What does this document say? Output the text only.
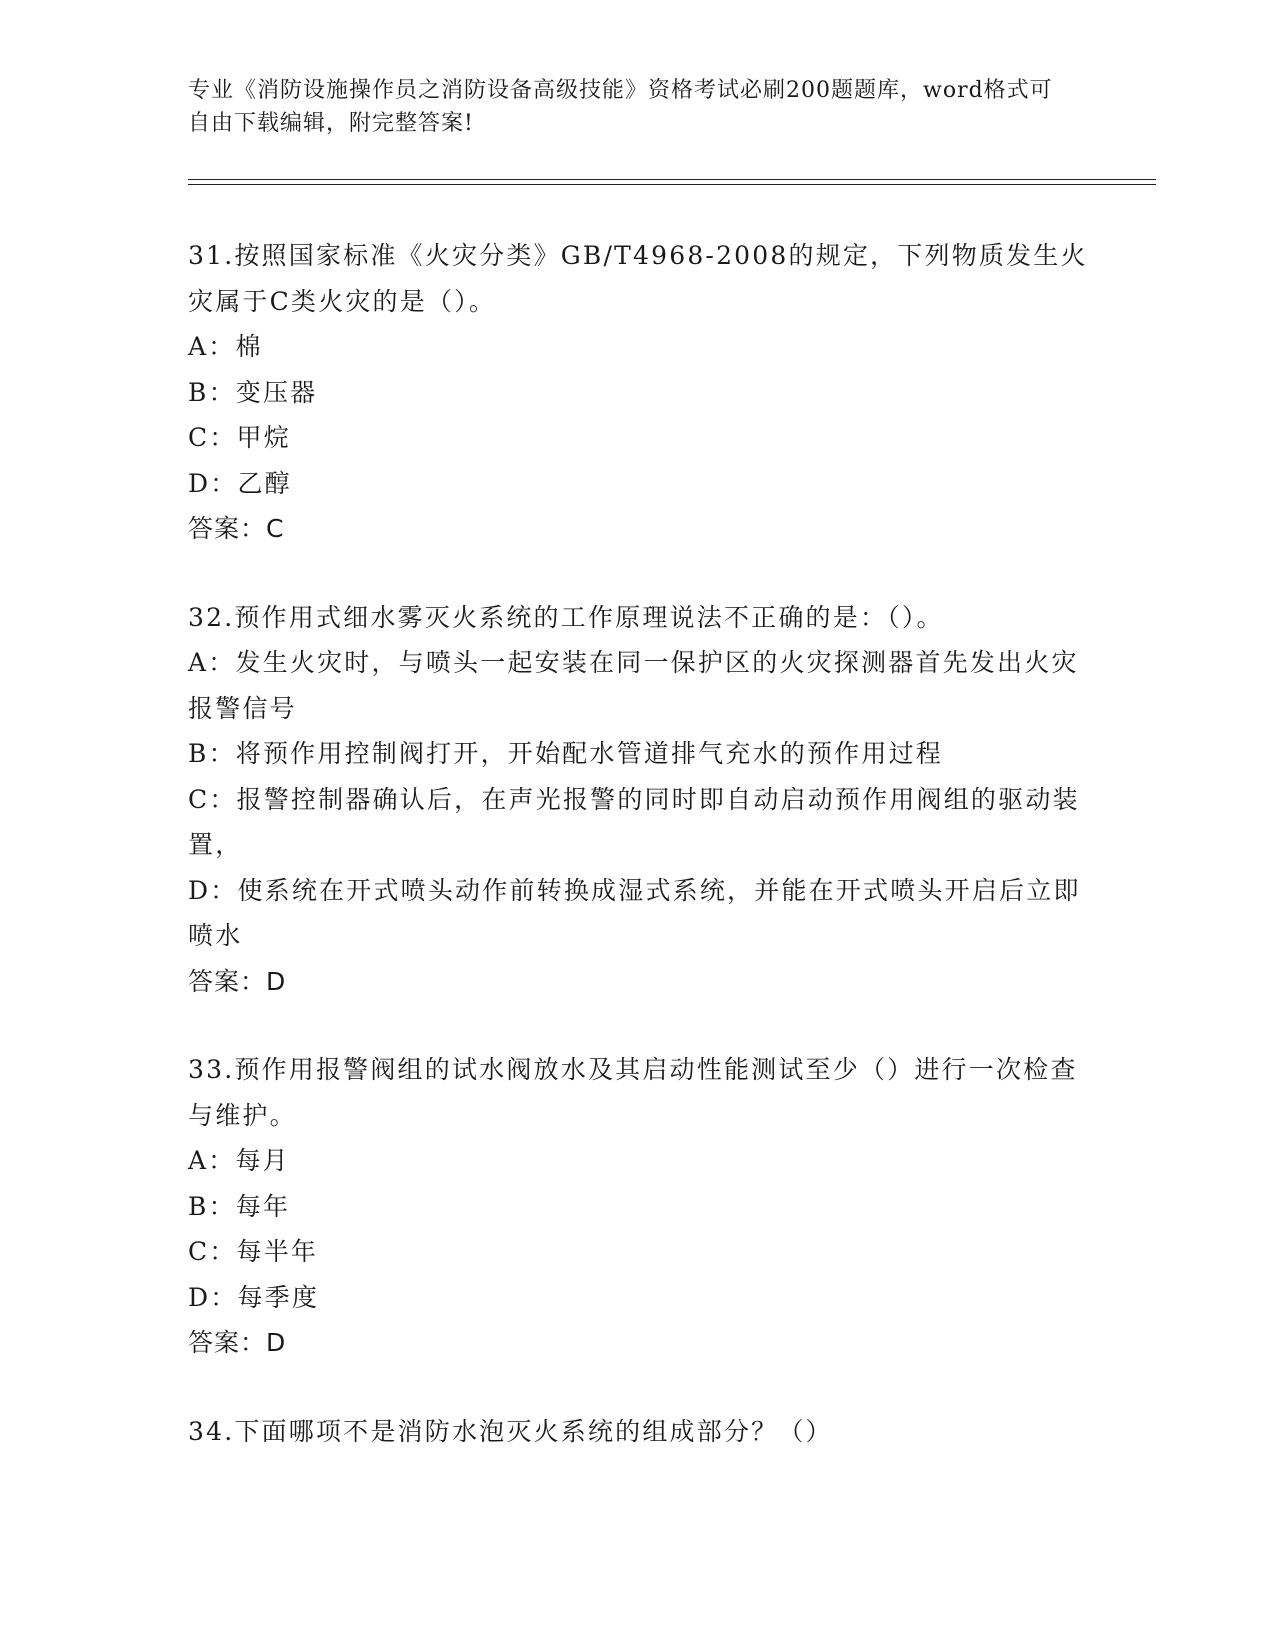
专业《消防设施操作员之消防设备高级技能》资格考试必刷200题题库，word格式可自由下载编辑，附完整答案!

31.按照国家标准《火灾分类》GB/T4968-2008的规定，下列物质发生火灾属于C类火灾的是（）。

A：棉

B：变压器

C：甲烷

D：乙醇

答案：C

32.预作用式细水雾灭火系统的工作原理说法不正确的是：（）。

A：发生火灾时，与喷头一起安装在同一保护区的火灾探测器首先发出火灾报警信号

B：将预作用控制阀打开，开始配水管道排气充水的预作用过程

C：报警控制器确认后，在声光报警的同时即自动启动预作用阀组的驱动装置，

D：使系统在开式喷头动作前转换成湿式系统，并能在开式喷头开启后立即喷水

答案：D

33.预作用报警阀组的试水阀放水及其启动性能测试至少（）进行一次检查与维护。

A：每月

B：每年

C：每半年

D：每季度

答案：D

34.下面哪项不是消防水泡灭火系统的组成部分？（）
